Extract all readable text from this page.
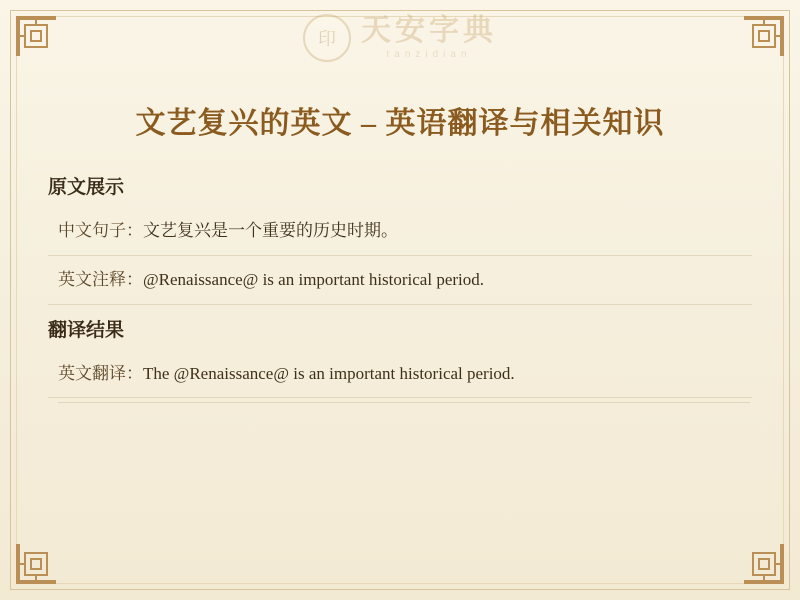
印 天安字典
tanzidian
文艺复兴的英文 – 英语翻译与相关知识
原文展示
中文句子：文艺复兴是一个重要的历史时期。
英文注释：@Renaissance@ is an important historical period.
翻译结果
英文翻译：The @Renaissance@ is an important historical period.
